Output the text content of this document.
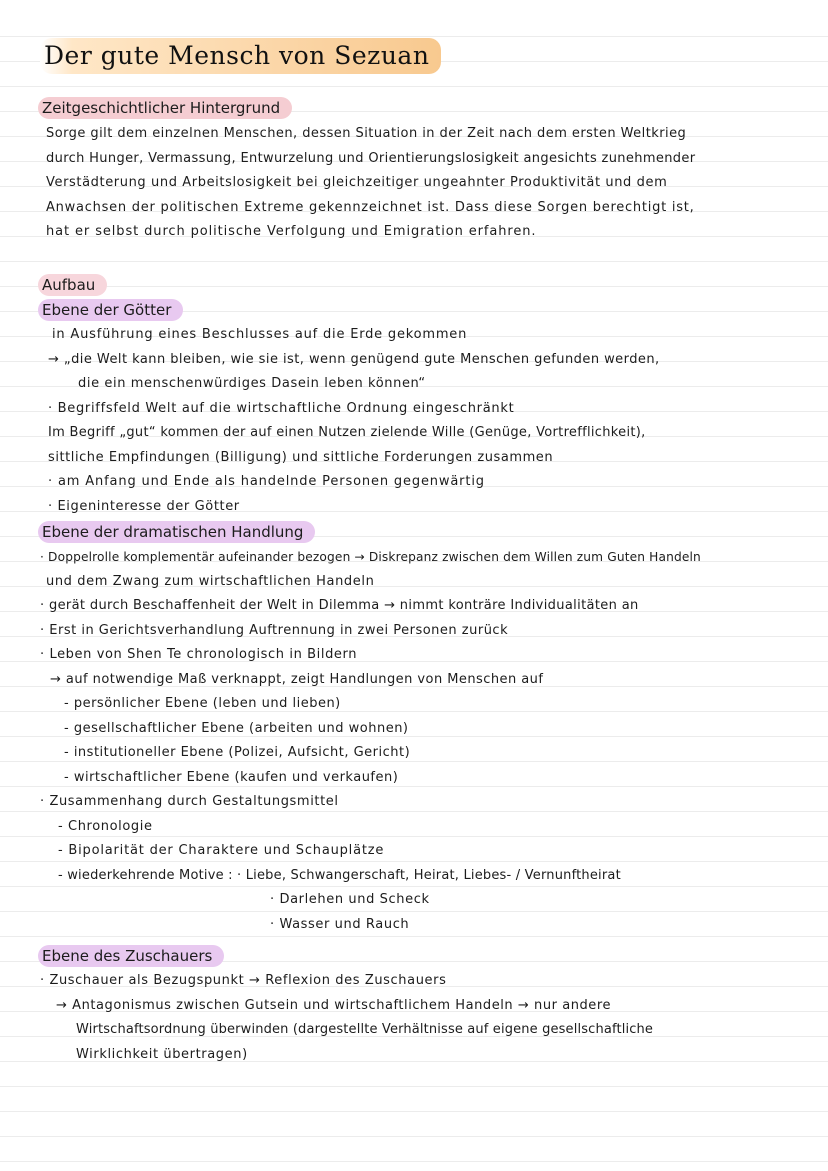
Der gute Mensch von Sezuan
Zeitgeschichtlicher Hintergrund
Sorge gilt dem einzelnen Menschen, dessen Situation in der Zeit nach dem ersten Weltkrieg
durch Hunger, Vermassung, Entwurzelung und Orientierungslosigkeit angesichts zunehmender
Verstädterung und Arbeitslosigkeit bei gleichzeitiger ungeahnter Produktivität und dem
Anwachsen der politischen Extreme gekennzeichnet ist. Dass diese Sorgen berechtigt ist,
hat er selbst durch politische Verfolgung und Emigration erfahren.
Aufbau
Ebene der Götter
in Ausführung eines Beschlusses auf die Erde gekommen
→ „die Welt kann bleiben, wie sie ist, wenn genügend gute Menschen gefunden werden,
die ein menschenwürdiges Dasein leben können“
· Begriffsfeld Welt auf die wirtschaftliche Ordnung eingeschränkt
Im Begriff „gut“ kommen der auf einen Nutzen zielende Wille (Genüge, Vortrefflichkeit),
sittliche Empfindungen (Billigung) und sittliche Forderungen zusammen
· am Anfang und Ende als handelnde Personen gegenwärtig
· Eigeninteresse der Götter
Ebene der dramatischen Handlung
· Doppelrolle komplementär aufeinander bezogen → Diskrepanz zwischen dem Willen zum Guten Handeln
und dem Zwang zum wirtschaftlichen Handeln
· gerät durch Beschaffenheit der Welt in Dilemma → nimmt konträre Individualitäten an
· Erst in Gerichtsverhandlung Auftrennung in zwei Personen zurück
· Leben von Shen Te chronologisch in Bildern
→ auf notwendige Maß verknappt, zeigt Handlungen von Menschen auf
- persönlicher Ebene (leben und lieben)
- gesellschaftlicher Ebene (arbeiten und wohnen)
- institutioneller Ebene (Polizei, Aufsicht, Gericht)
- wirtschaftlicher Ebene (kaufen und verkaufen)
· Zusammenhang durch Gestaltungsmittel
- Chronologie
- Bipolarität der Charaktere und Schauplätze
- wiederkehrende Motive : · Liebe, Schwangerschaft, Heirat, Liebes- / Vernunftheirat
· Darlehen und Scheck
· Wasser und Rauch
Ebene des Zuschauers
· Zuschauer als Bezugspunkt → Reflexion des Zuschauers
→ Antagonismus zwischen Gutsein und wirtschaftlichem Handeln → nur andere
Wirtschaftsordnung überwinden (dargestellte Verhältnisse auf eigene gesellschaftliche
Wirklichkeit übertragen)
